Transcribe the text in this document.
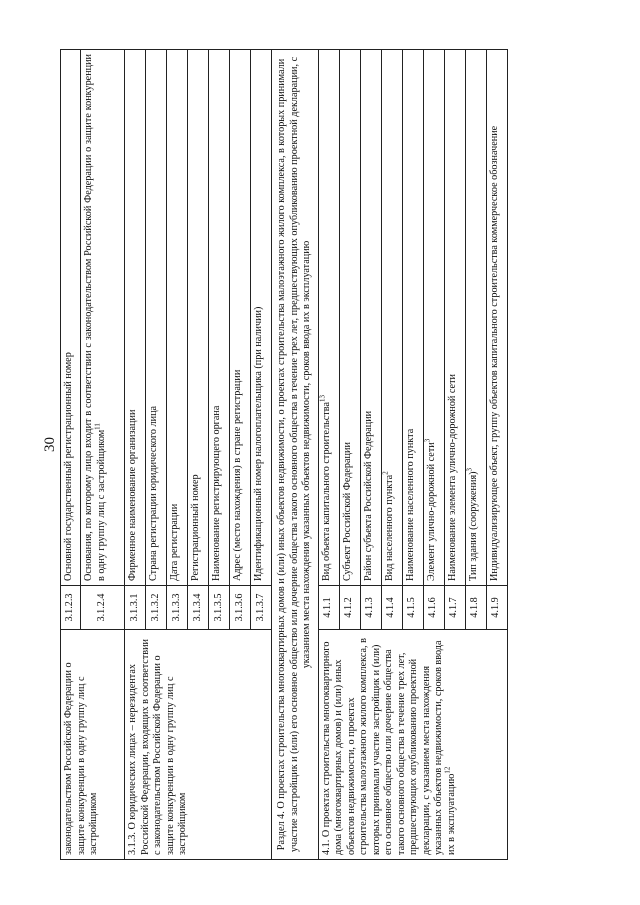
30
законодательством Российской Федерации о защите конкуренции в одну группу лиц с застройщиком	3.1.2.3	Основной государственный регистрационный номер
	3.1.2.4	Основания, по которому лицо входит в соответствии с законодательством Российской Федерации о защите конкуренции в одну группу лиц с застройщиком$^{11}$
3.1.3. О юридических лицах – нерезидентах Российской Федерации, входящих в соответствии с законодательством Российской Федерации о защите конкуренции в одну группу лиц с застройщиком	3.1.3.1	Фирменное наименование организации
	3.1.3.2	Страна регистрации юридического лица
	3.1.3.3	Дата регистрации
	3.1.3.4	Регистрационный номер
	3.1.3.5	Наименование регистрирующего органа
	3.1.3.6	Адрес (место нахождения) в стране регистрации
	3.1.3.7	Идентификационный номер налогоплательщика (при наличии)
Раздел 4. О проектах строительства многоквартирных домов и (или) иных объектов недвижимости, о проектах строительства малоэтажного жилого комплекса, в которых принимали участие застройщик и (или) его основное общество или дочерние общества такого основного общества в течение трех лет, предшествующих опубликованию проектной декларации, с указанием места нахождения указанных объектов недвижимости, сроков ввода их в эксплуатацию		
4.1. О проектах строительства многоквартирного дома (многоквартирных домов) и (или) иных объектов недвижимости, о проектах строительства малоэтажного жилого комплекса, в которых принимали участие застройщик и (или) его основное общество или дочерние общества такого основного общества в течение трех лет, предшествующих опубликованию проектной декларации, с указанием места нахождения указанных объектов недвижимости, сроков ввода их в эксплуатацию$^{12}$	4.1.1	Вид объекта капитального строительства$^{13}$
	4.1.2	Субъект Российской Федерации
	4.1.3	Район субъекта Российской Федерации
	4.1.4	Вид населенного пункта$^2$
	4.1.5	Наименование населенного пункта
	4.1.6	Элемент улично-дорожной сети$^3$
	4.1.7	Наименование элемента улично-дорожной сети
	4.1.8	Тип здания (сооружения)$^3$
	4.1.9	Индивидуализирующее объект, группу объектов капитального строительства коммерческое обозначение
